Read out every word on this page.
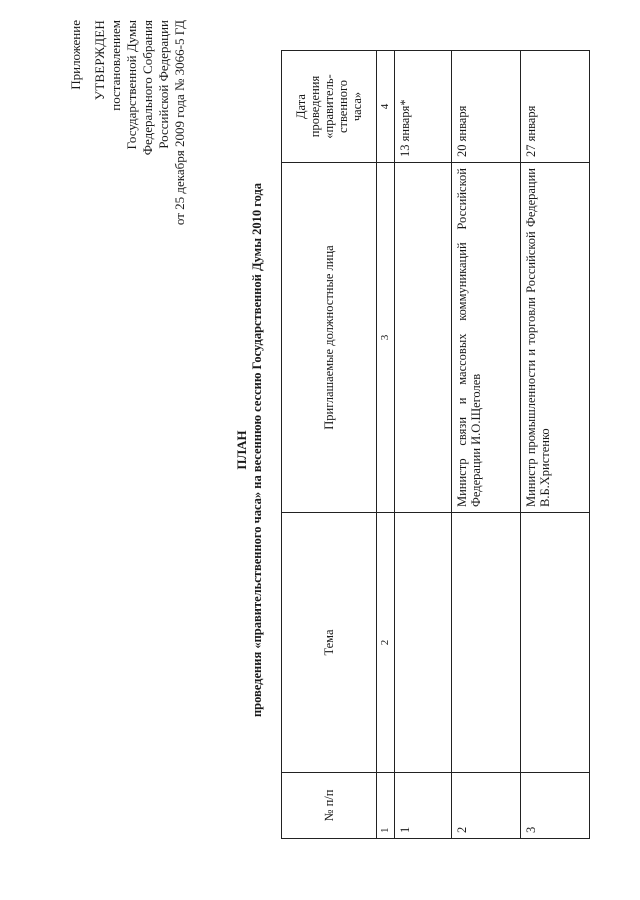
Приложение УТВЕРЖДЕН постановлением Государственной Думы Федерального Собрания Российской Федерации от 25 декабря 2009 года № 3066-5 ГД
ПЛАН проведения «правительственного часа» на весеннюю сессию Государственной Думы 2010 года
№ п/п	Тема	Приглашаемые должностные лица	Дата проведения «правитель- ственного часа»

1	2	3	4
1			13 января*
2		Министр связи и массовых коммуникаций Российской Федерации И.О.Щеголев	20 января
3		Министр промышленности и торговли Российской Федерации В.Б.Христенко	27 января
